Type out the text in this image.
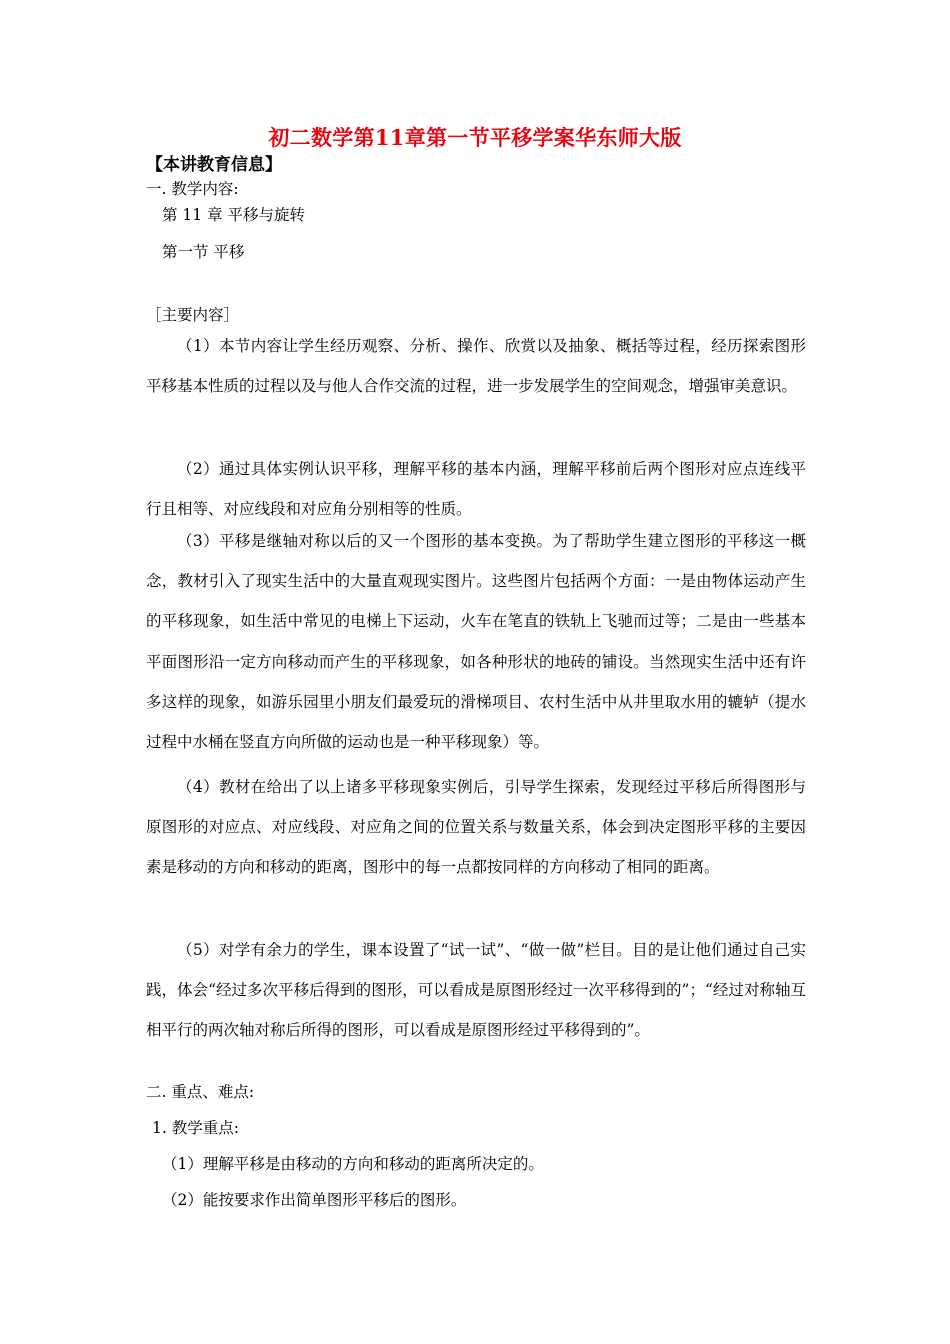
初二数学第11章第一节平移学案华东师大版
【本讲教育信息】
一. 教学内容:
第 11 章 平移与旋转
第一节 平移
［主要内容］
（1）本节内容让学生经历观察、分析、操作、欣赏以及抽象、概括等过程，经历探索图形平移基本性质的过程以及与他人合作交流的过程，进一步发展学生的空间观念，增强审美意识。
（2）通过具体实例认识平移，理解平移的基本内涵，理解平移前后两个图形对应点连线平行且相等、对应线段和对应角分别相等的性质。
（3）平移是继轴对称以后的又一个图形的基本变换。为了帮助学生建立图形的平移这一概念，教材引入了现实生活中的大量直观现实图片。这些图片包括两个方面：一是由物体运动产生的平移现象，如生活中常见的电梯上下运动，火车在笔直的铁轨上飞驰而过等；二是由一些基本平面图形沿一定方向移动而产生的平移现象，如各种形状的地砖的铺设。当然现实生活中还有许多这样的现象，如游乐园里小朋友们最爱玩的滑梯项目、农村生活中从井里取水用的辘轳（提水过程中水桶在竖直方向所做的运动也是一种平移现象）等。
（4）教材在给出了以上诸多平移现象实例后，引导学生探索，发现经过平移后所得图形与原图形的对应点、对应线段、对应角之间的位置关系与数量关系，体会到决定图形平移的主要因素是移动的方向和移动的距离，图形中的每一点都按同样的方向移动了相同的距离。
（5）对学有余力的学生，课本设置了“试一试”、“做一做”栏目。目的是让他们通过自己实践，体会“经过多次平移后得到的图形，可以看成是原图形经过一次平移得到的”；“经过对称轴互相平行的两次轴对称后所得的图形，可以看成是原图形经过平移得到的”。
二. 重点、难点:
1. 教学重点:
（1）理解平移是由移动的方向和移动的距离所决定的。
（2）能按要求作出简单图形平移后的图形。
